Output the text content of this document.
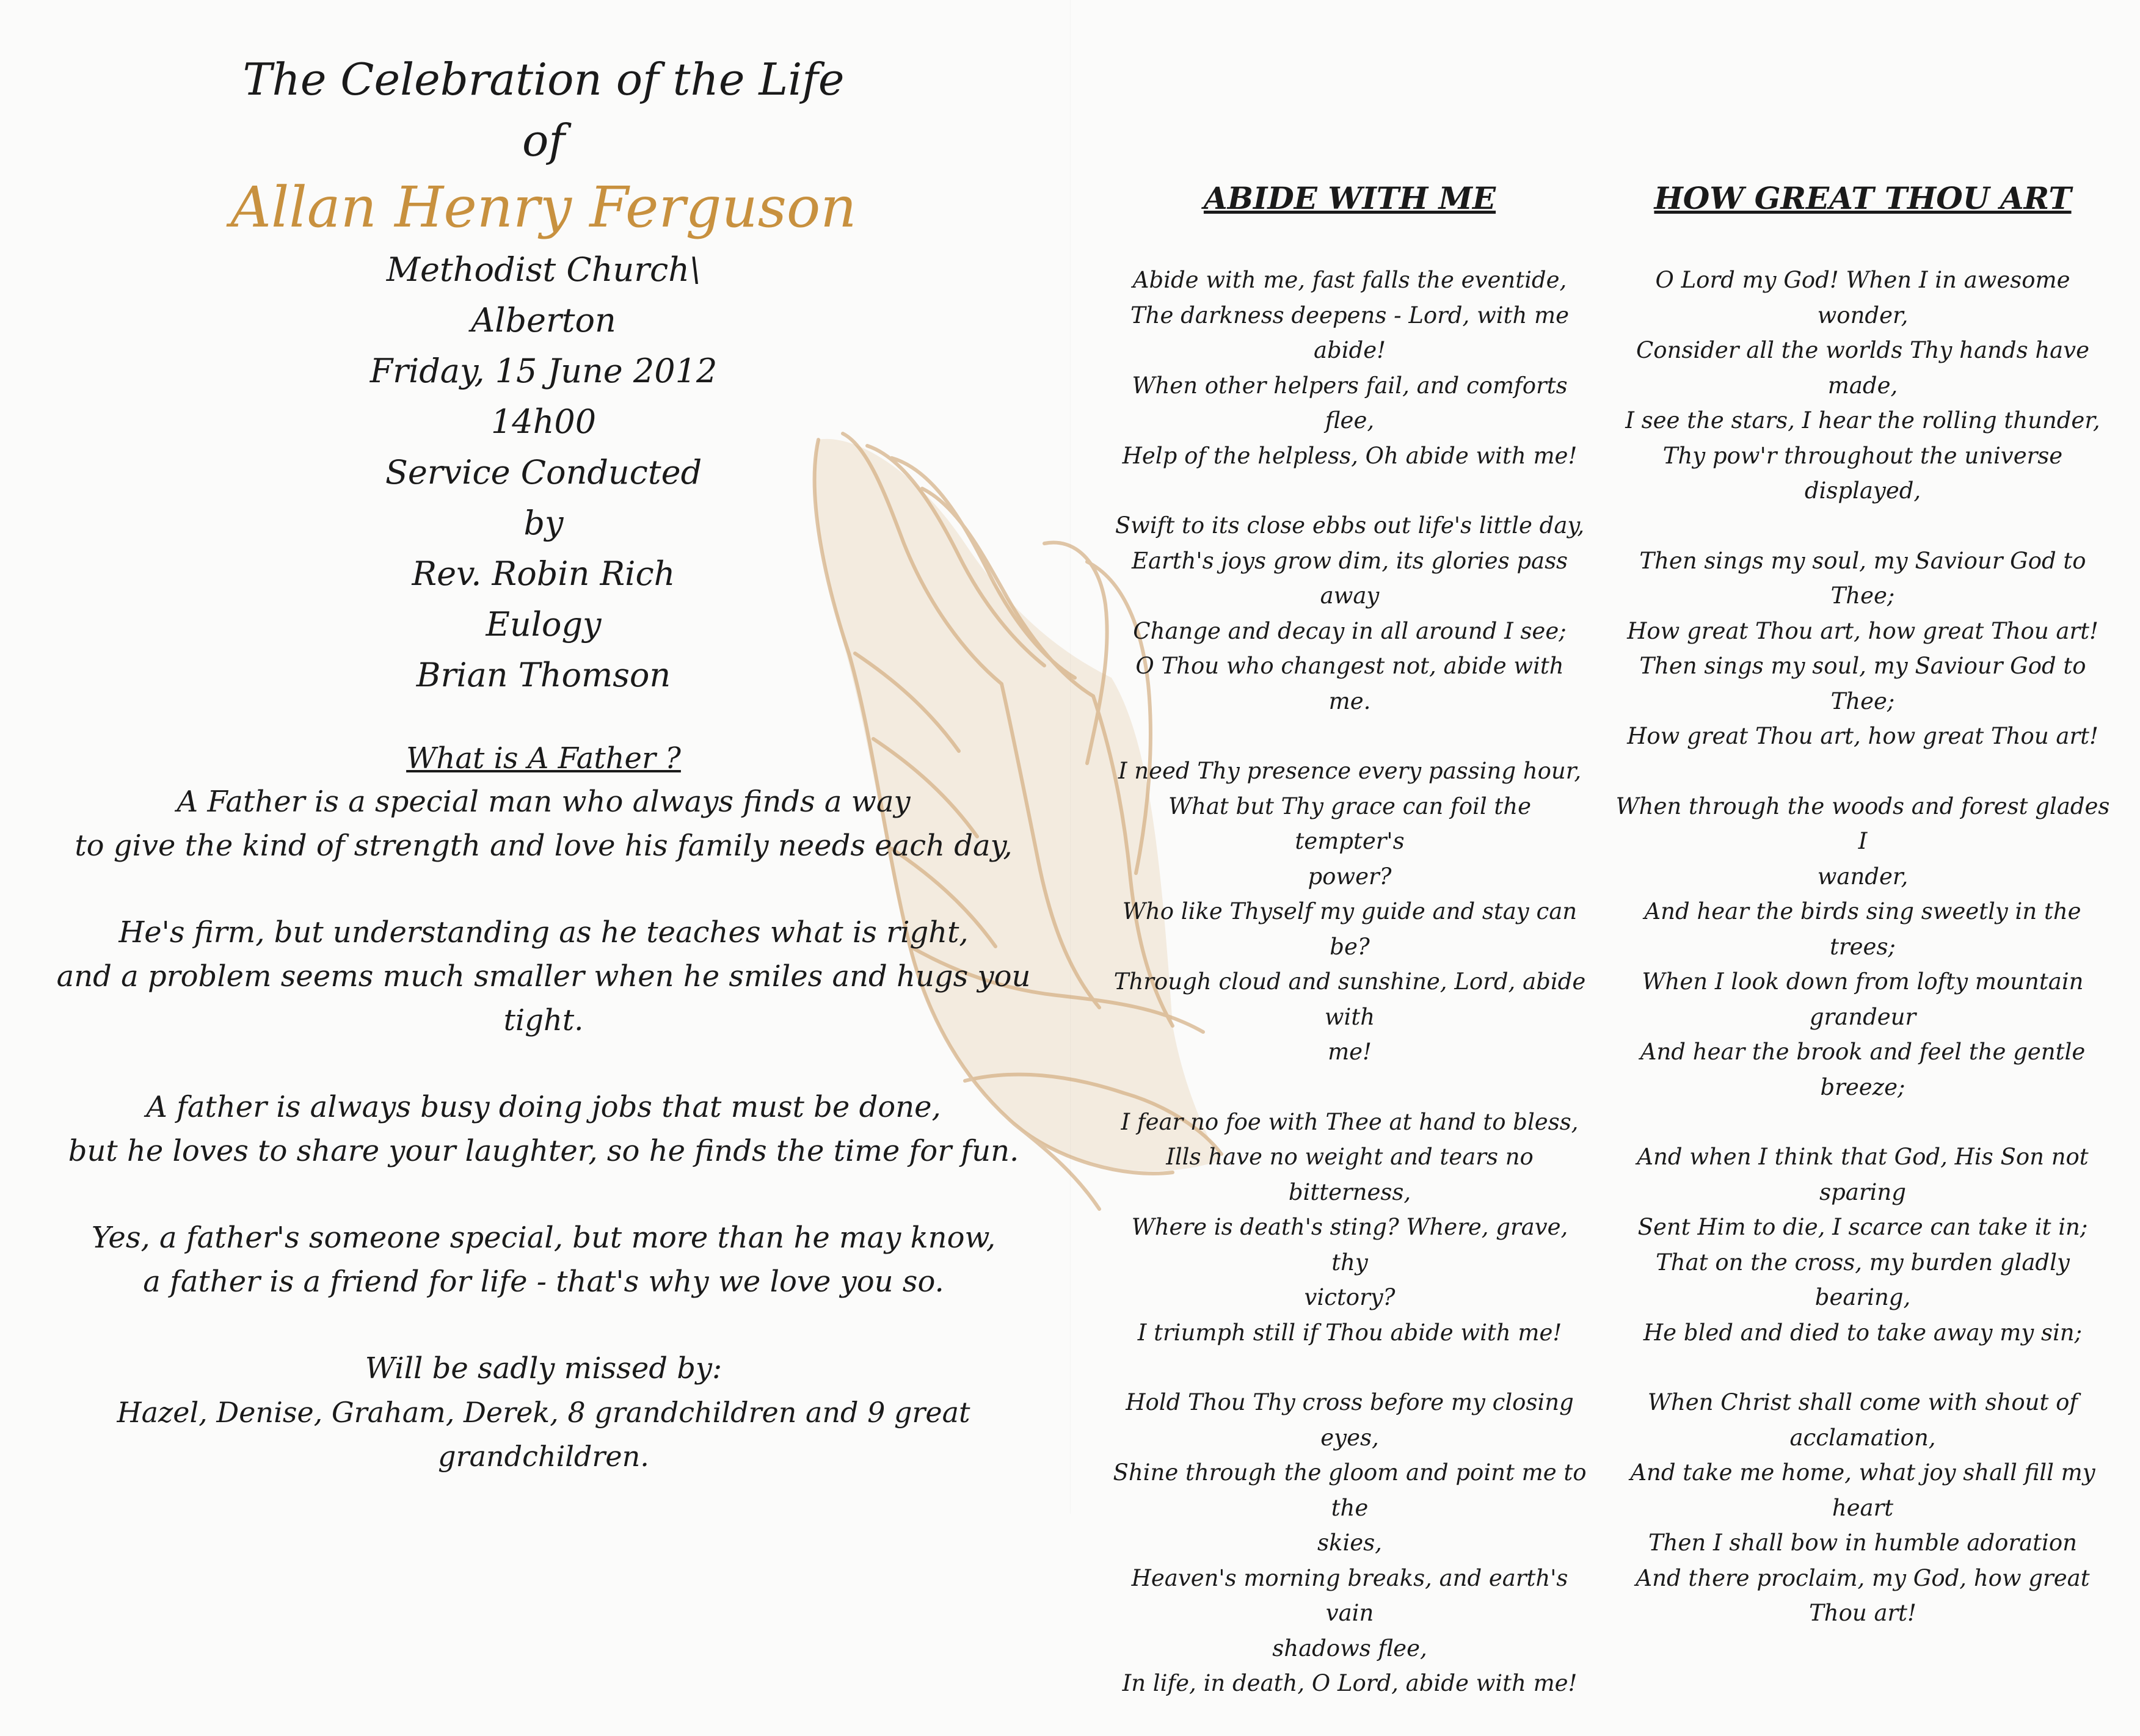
The Celebration of the Life

of

Allan Henry Ferguson

Methodist Church\

Alberton

Friday, 15 June 2012

14h00

Service Conducted

by

Rev. Robin Rich

Eulogy

Brian Thomson

What is A Father ?

A Father is a special man who always finds a way

to give the kind of strength and love his family needs each day,

He's firm, but understanding as he teaches what is right,

and a problem seems much smaller when he smiles and hugs you tight.

A father is always busy doing jobs that must be done,

but he loves to share your laughter, so he finds the time for fun.

Yes, a father's someone special, but more than he may know,

a father is a friend for life - that's why we love you so.

Will be sadly missed by:
Hazel, Denise, Graham, Derek, 8 grandchildren and 9 great grandchildren.

ABIDE WITH ME

Abide with me, fast falls the eventide,

The darkness deepens - Lord, with me abide!

When other helpers fail, and comforts flee,

Help of the helpless, Oh abide with me!

Swift to its close ebbs out life's little day,

Earth's joys grow dim, its glories pass away

Change and decay in all around I see;

O Thou who changest not, abide with me.

I need Thy presence every passing hour,

What but Thy grace can foil the tempter's

power?

Who like Thyself my guide and stay can be?

Through cloud and sunshine, Lord, abide with

me!

I fear no foe with Thee at hand to bless,

Ills have no weight and tears no bitterness,

Where is death's sting? Where, grave, thy

victory?

I triumph still if Thou abide with me!

Hold Thou Thy cross before my closing eyes,

Shine through the gloom and point me to the

skies,

Heaven's morning breaks, and earth's vain

shadows flee,

In life, in death, O Lord, abide with me!

HOW GREAT THOU ART

O Lord my God! When I in awesome wonder,

Consider all the worlds Thy hands have made,

I see the stars, I hear the rolling thunder,

Thy pow'r throughout the universe displayed,

Then sings my soul, my Saviour God to Thee;

How great Thou art, how great Thou art!

Then sings my soul, my Saviour God to Thee;

How great Thou art, how great Thou art!

When through the woods and forest glades I

wander,

And hear the birds sing sweetly in the trees;

When I look down from lofty mountain grandeur

And hear the brook and feel the gentle breeze;

And when I think that God, His Son not sparing

Sent Him to die, I scarce can take it in;

That on the cross, my burden gladly bearing,

He bled and died to take away my sin;

When Christ shall come with shout of

acclamation,

And take me home, what joy shall fill my heart

Then I shall bow in humble adoration

And there proclaim, my God, how great Thou art!
